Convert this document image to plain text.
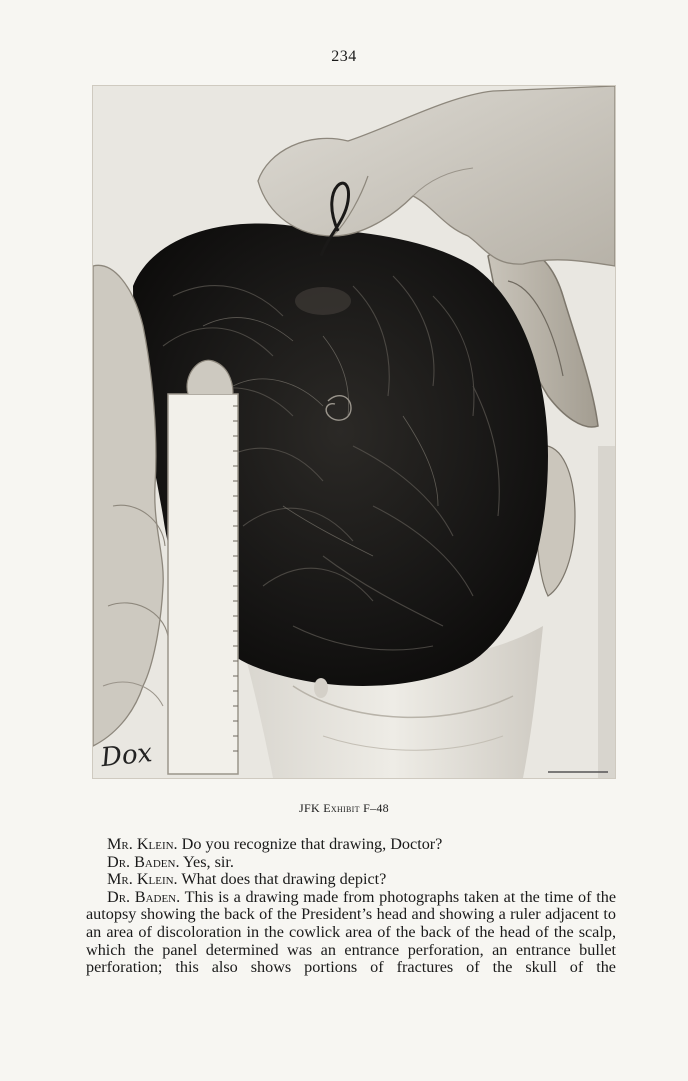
234
Dox
JFK Exhibit F–48

Mr. Klein. Do you recognize that drawing, Doctor?

Dr. Baden. Yes, sir.

Mr. Klein. What does that drawing depict?

Dr. Baden. This is a drawing made from photographs taken at the time of the autopsy showing the back of the President’s head and showing a ruler adjacent to an area of discoloration in the cowlick area of the back of the head of the scalp, which the panel determined was an entrance perforation, an entrance bullet perforation; this also shows portions of fractures of the skull of the
